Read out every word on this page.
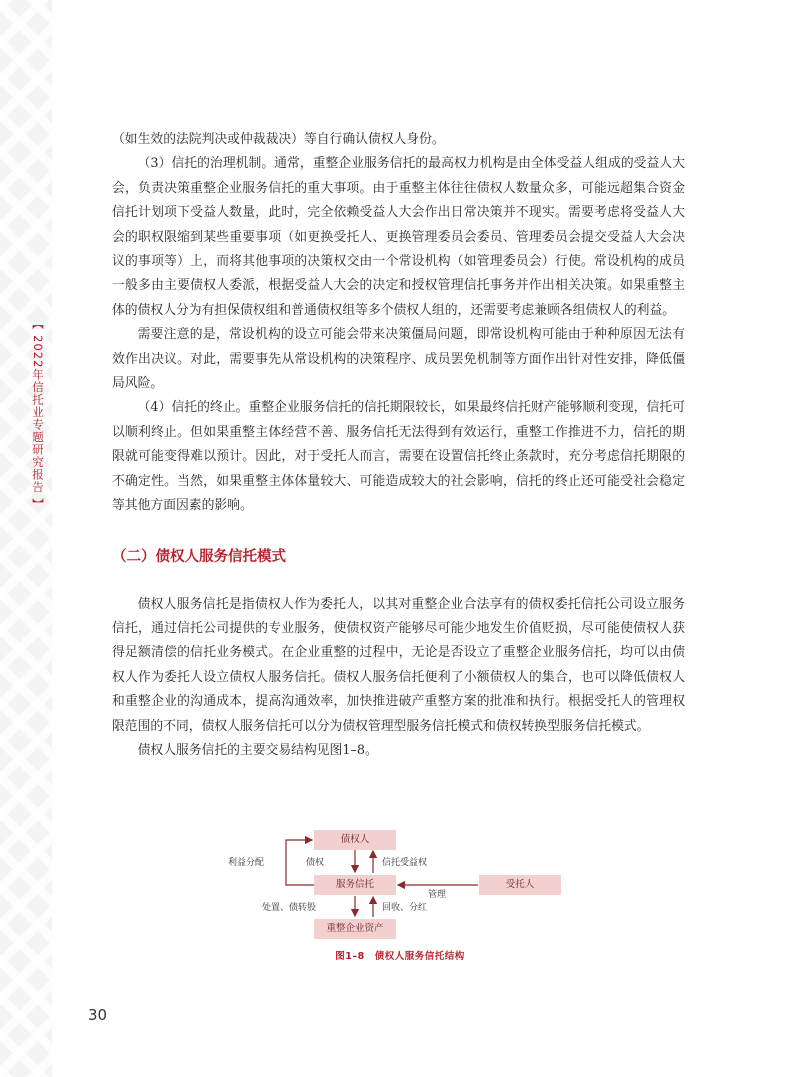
【 2022年信托业专题研究报告 】

（如生效的法院判决或仲裁裁决）等自行确认债权人身份。

（3）信托的治理机制。通常，重整企业服务信托的最高权力机构是由全体受益人组成的受益人大会，负责决策重整企业服务信托的重大事项。由于重整主体往往债权人数量众多，可能远超集合资金信托计划项下受益人数量，此时，完全依赖受益人大会作出日常决策并不现实。需要考虑将受益人大会的职权限缩到某些重要事项（如更换受托人、更换管理委员会委员、管理委员会提交受益人大会决议的事项等）上，而将其他事项的决策权交由一个常设机构（如管理委员会）行使。常设机构的成员一般多由主要债权人委派，根据受益人大会的决定和授权管理信托事务并作出相关决策。如果重整主体的债权人分为有担保债权组和普通债权组等多个债权人组的，还需要考虑兼顾各组债权人的利益。

需要注意的是，常设机构的设立可能会带来决策僵局问题，即常设机构可能由于种种原因无法有效作出决议。对此，需要事先从常设机构的决策程序、成员罢免机制等方面作出针对性安排，降低僵局风险。

（4）信托的终止。重整企业服务信托的信托期限较长，如果最终信托财产能够顺利变现，信托可以顺利终止。但如果重整主体经营不善、服务信托无法得到有效运行，重整工作推进不力，信托的期限就可能变得难以预计。因此，对于受托人而言，需要在设置信托终止条款时，充分考虑信托期限的不确定性。当然，如果重整主体体量较大、可能造成较大的社会影响，信托的终止还可能受社会稳定等其他方面因素的影响。

（二）债权人服务信托模式

债权人服务信托是指债权人作为委托人，以其对重整企业合法享有的债权委托信托公司设立服务信托，通过信托公司提供的专业服务，使债权资产能够尽可能少地发生价值贬损，尽可能使债权人获得足额清偿的信托业务模式。在企业重整的过程中，无论是否设立了重整企业服务信托，均可以由债权人作为委托人设立债权人服务信托。债权人服务信托便利了小额债权人的集合，也可以降低债权人和重整企业的沟通成本，提高沟通效率，加快推进破产重整方案的批准和执行。根据受托人的管理权限范围的不同，债权人服务信托可以分为债权管理型服务信托模式和债权转换型服务信托模式。

债权人服务信托的主要交易结构见图1–8。

债权人
服务信托	受托人
重整企业资产
利益分配	债权	信托受益权
管理
处置、债转股	回收、分红
图1–8　债权人服务信托结构
30
